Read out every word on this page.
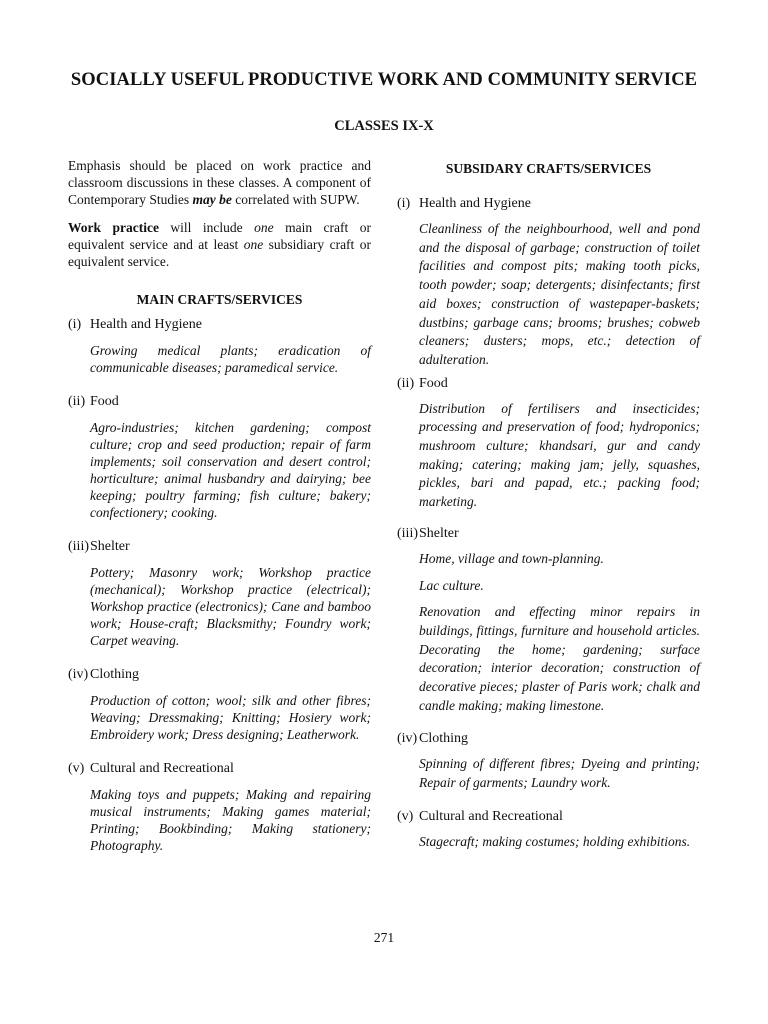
SOCIALLY USEFUL PRODUCTIVE WORK AND COMMUNITY SERVICE
CLASSES IX-X

Emphasis should be placed on work practice and classroom discussions in these classes. A component of Contemporary Studies may be correlated with SUPW.

Work practice will include one main craft or equivalent service and at least one subsidiary craft or equivalent service.

MAIN CRAFTS/SERVICES

(i) Health and Hygiene
Growing medical plants; eradication of communicable diseases; paramedical service.
(ii) Food
Agro-industries; kitchen gardening; compost culture; crop and seed production; repair of farm implements; soil conservation and desert control; horticulture; animal husbandry and dairying; bee keeping; poultry farming; fish culture; bakery; confectionery; cooking.
(iii) Shelter
Pottery; Masonry work; Workshop practice (mechanical); Workshop practice (electrical); Workshop practice (electronics); Cane and bamboo work; House-craft; Blacksmithy; Foundry work; Carpet weaving.
(iv) Clothing
Production of cotton; wool; silk and other fibres; Weaving; Dressmaking; Knitting; Hosiery work; Embroidery work; Dress designing; Leatherwork.
(v) Cultural and Recreational
Making toys and puppets; Making and repairing musical instruments; Making games material; Printing; Bookbinding; Making stationery; Photography.

SUBSIDARY CRAFTS/SERVICES

(i) Health and Hygiene
Cleanliness of the neighbourhood, well and pond and the disposal of garbage; construction of toilet facilities and compost pits; making tooth picks, tooth powder; soap; detergents; disinfectants; first aid boxes; construction of wastepaper-baskets; dustbins; garbage cans; brooms; brushes; cobweb cleaners; dusters; mops, etc.; detection of adulteration.
(ii) Food
Distribution of fertilisers and insecticides; processing and preservation of food; hydroponics; mushroom culture; khandsari, gur and candy making; catering; making jam; jelly, squashes, pickles, bari and papad, etc.; packing food; marketing.
(iii) Shelter

Home, village and town-planning.

Lac culture.

Renovation and effecting minor repairs in buildings, fittings, furniture and household articles. Decorating the home; gardening; surface decoration; interior decoration; construction of decorative pieces; plaster of Paris work; chalk and candle making; making limestone.

(iv) Clothing
Spinning of different fibres; Dyeing and printing; Repair of garments; Laundry work.
(v) Cultural and Recreational
Stagecraft; making costumes; holding exhibitions.

271
